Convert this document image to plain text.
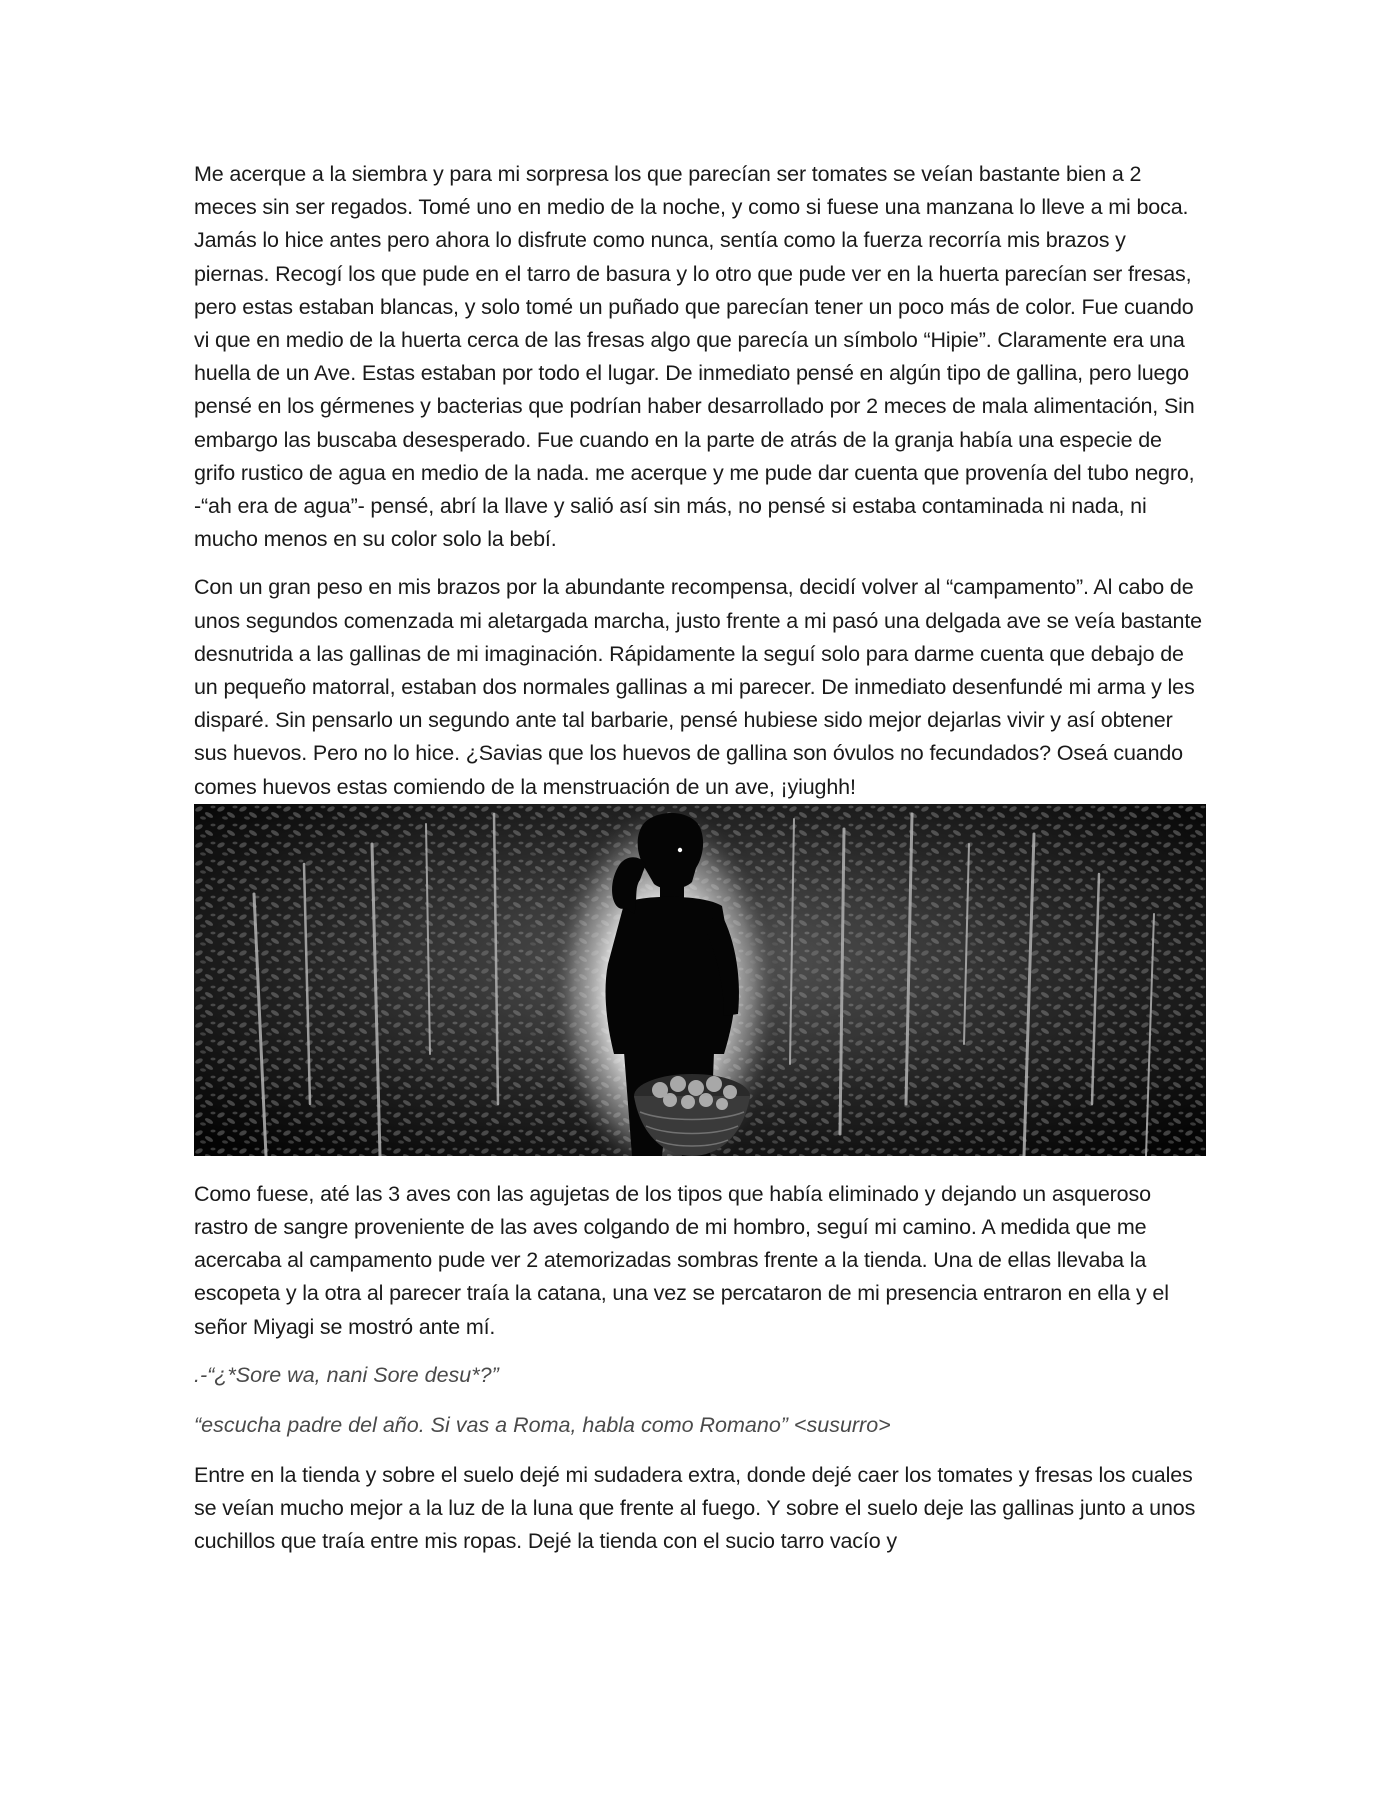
Me acerque a la siembra y para mi sorpresa los que parecían ser tomates se veían bastante bien a 2 meces sin ser regados. Tomé uno en medio de la noche, y como si fuese una manzana lo lleve a mi boca. Jamás lo hice antes pero ahora lo disfrute como nunca, sentía como la fuerza recorría mis brazos y piernas. Recogí los que pude en el tarro de basura y lo otro que pude ver en la huerta parecían ser fresas, pero estas estaban blancas, y solo tomé un puñado que parecían tener un poco más de color. Fue cuando vi que en medio de la huerta cerca de las fresas algo que parecía un símbolo “Hipie”. Claramente era una huella de un Ave. Estas estaban por todo el lugar. De inmediato pensé en algún tipo de gallina, pero luego pensé en los gérmenes y bacterias que podrían haber desarrollado por 2 meces de mala alimentación, Sin embargo las buscaba desesperado. Fue cuando en la parte de atrás de la granja había una especie de grifo rustico de agua en medio de la nada. me acerque y me pude dar cuenta que provenía del tubo negro, -“ah era de agua”- pensé, abrí la llave y salió así sin más, no pensé si estaba contaminada ni nada, ni mucho menos en su color solo la bebí.

Con un gran peso en mis brazos por la abundante recompensa, decidí volver al “campamento”. Al cabo de unos segundos comenzada mi aletargada marcha, justo frente a mi pasó una delgada ave se veía bastante desnutrida a las gallinas de mi imaginación. Rápidamente la seguí solo para darme cuenta que debajo de un pequeño matorral, estaban dos normales gallinas a mi parecer. De inmediato desenfundé mi arma y les disparé. Sin pensarlo un segundo ante tal barbarie, pensé hubiese sido mejor dejarlas vivir y así obtener sus huevos. Pero no lo hice. ¿Savias que los huevos de gallina son óvulos no fecundados? Oseá cuando comes huevos estas comiendo de la menstruación de un ave, ¡yiughh!

Como fuese, até las 3 aves con las agujetas de los tipos que había eliminado y dejando un asqueroso rastro de sangre proveniente de las aves colgando de mi hombro, seguí mi camino. A medida que me acercaba al campamento pude ver 2 atemorizadas sombras frente a la tienda. Una de ellas llevaba la escopeta y la otra al parecer traía la catana, una vez se percataron de mi presencia entraron en ella y el señor Miyagi se mostró ante mí.

.-“¿*Sore wa, nani Sore desu*?”

“escucha padre del año. Si vas a Roma, habla como Romano” <susurro>

Entre en la tienda y sobre el suelo dejé mi sudadera extra, donde dejé caer los tomates y fresas los cuales se veían mucho mejor a la luz de la luna que frente al fuego. Y sobre el suelo deje las gallinas junto a unos cuchillos que traía entre mis ropas. Dejé la tienda con el sucio tarro vacío y
